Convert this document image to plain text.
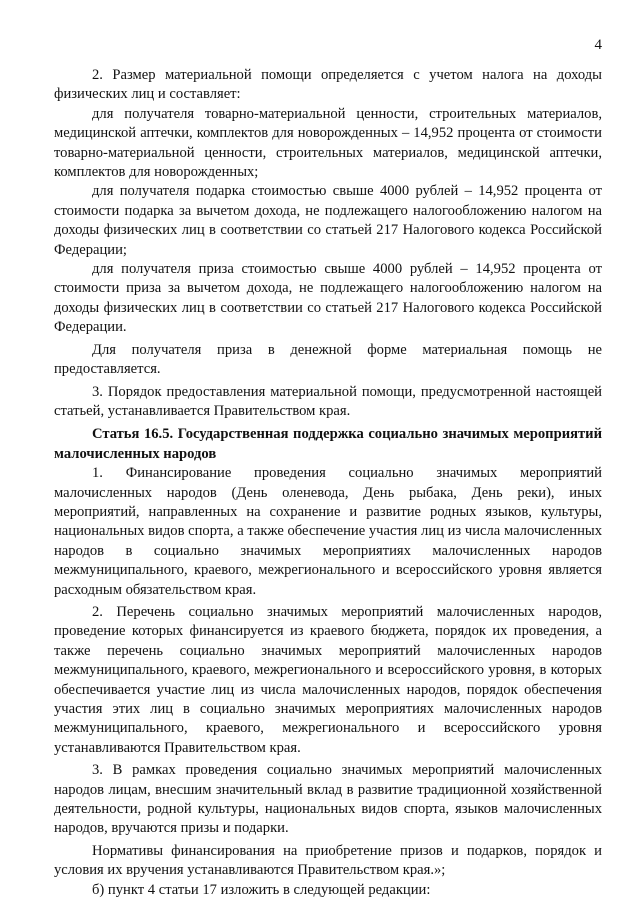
4

2. Размер материальной помощи определяется с учетом налога на доходы физических лиц и составляет:

для получателя товарно-материальной ценности, строительных материалов, медицинской аптечки, комплектов для новорожденных – 14,952 процента от стоимости товарно-материальной ценности, строительных материалов, медицинской аптечки, комплектов для новорожденных;

для получателя подарка стоимостью свыше 4000 рублей – 14,952 процента от стоимости подарка за вычетом дохода, не подлежащего налогообложению налогом на доходы физических лиц в соответствии со статьей 217 Налогового кодекса Российской Федерации;

для получателя приза стоимостью свыше 4000 рублей – 14,952 процента от стоимости приза за вычетом дохода, не подлежащего налогообложению налогом на доходы физических лиц в соответствии со статьей 217 Налогового кодекса Российской Федерации.

Для получателя приза в денежной форме материальная помощь не предоставляется.

3. Порядок предоставления материальной помощи, предусмотренной настоящей статьей, устанавливается Правительством края.

Статья 16.5. Государственная поддержка социально значимых мероприятий малочисленных народов

1. Финансирование проведения социально значимых мероприятий малочисленных народов (День оленевода, День рыбака, День реки), иных мероприятий, направленных на сохранение и развитие родных языков, культуры, национальных видов спорта, а также обеспечение участия лиц из числа малочисленных народов в социально значимых мероприятиях малочисленных народов межмуниципального, краевого, межрегионального и всероссийского уровня является расходным обязательством края.

2. Перечень социально значимых мероприятий малочисленных народов, проведение которых финансируется из краевого бюджета, порядок их проведения, а также перечень социально значимых мероприятий малочисленных народов межмуниципального, краевого, межрегионального и всероссийского уровня, в которых обеспечивается участие лиц из числа малочисленных народов, порядок обеспечения участия этих лиц в социально значимых мероприятиях малочисленных народов межмуниципального, краевого, межрегионального и всероссийского уровня устанавливаются Правительством края.

3. В рамках проведения социально значимых мероприятий малочисленных народов лицам, внесшим значительный вклад в развитие традиционной хозяйственной деятельности, родной культуры, национальных видов спорта, языков малочисленных народов, вручаются призы и подарки.

Нормативы финансирования на приобретение призов и подарков, порядок и условия их вручения устанавливаются Правительством края.»;

б) пункт 4 статьи 17 изложить в следующей редакции:
